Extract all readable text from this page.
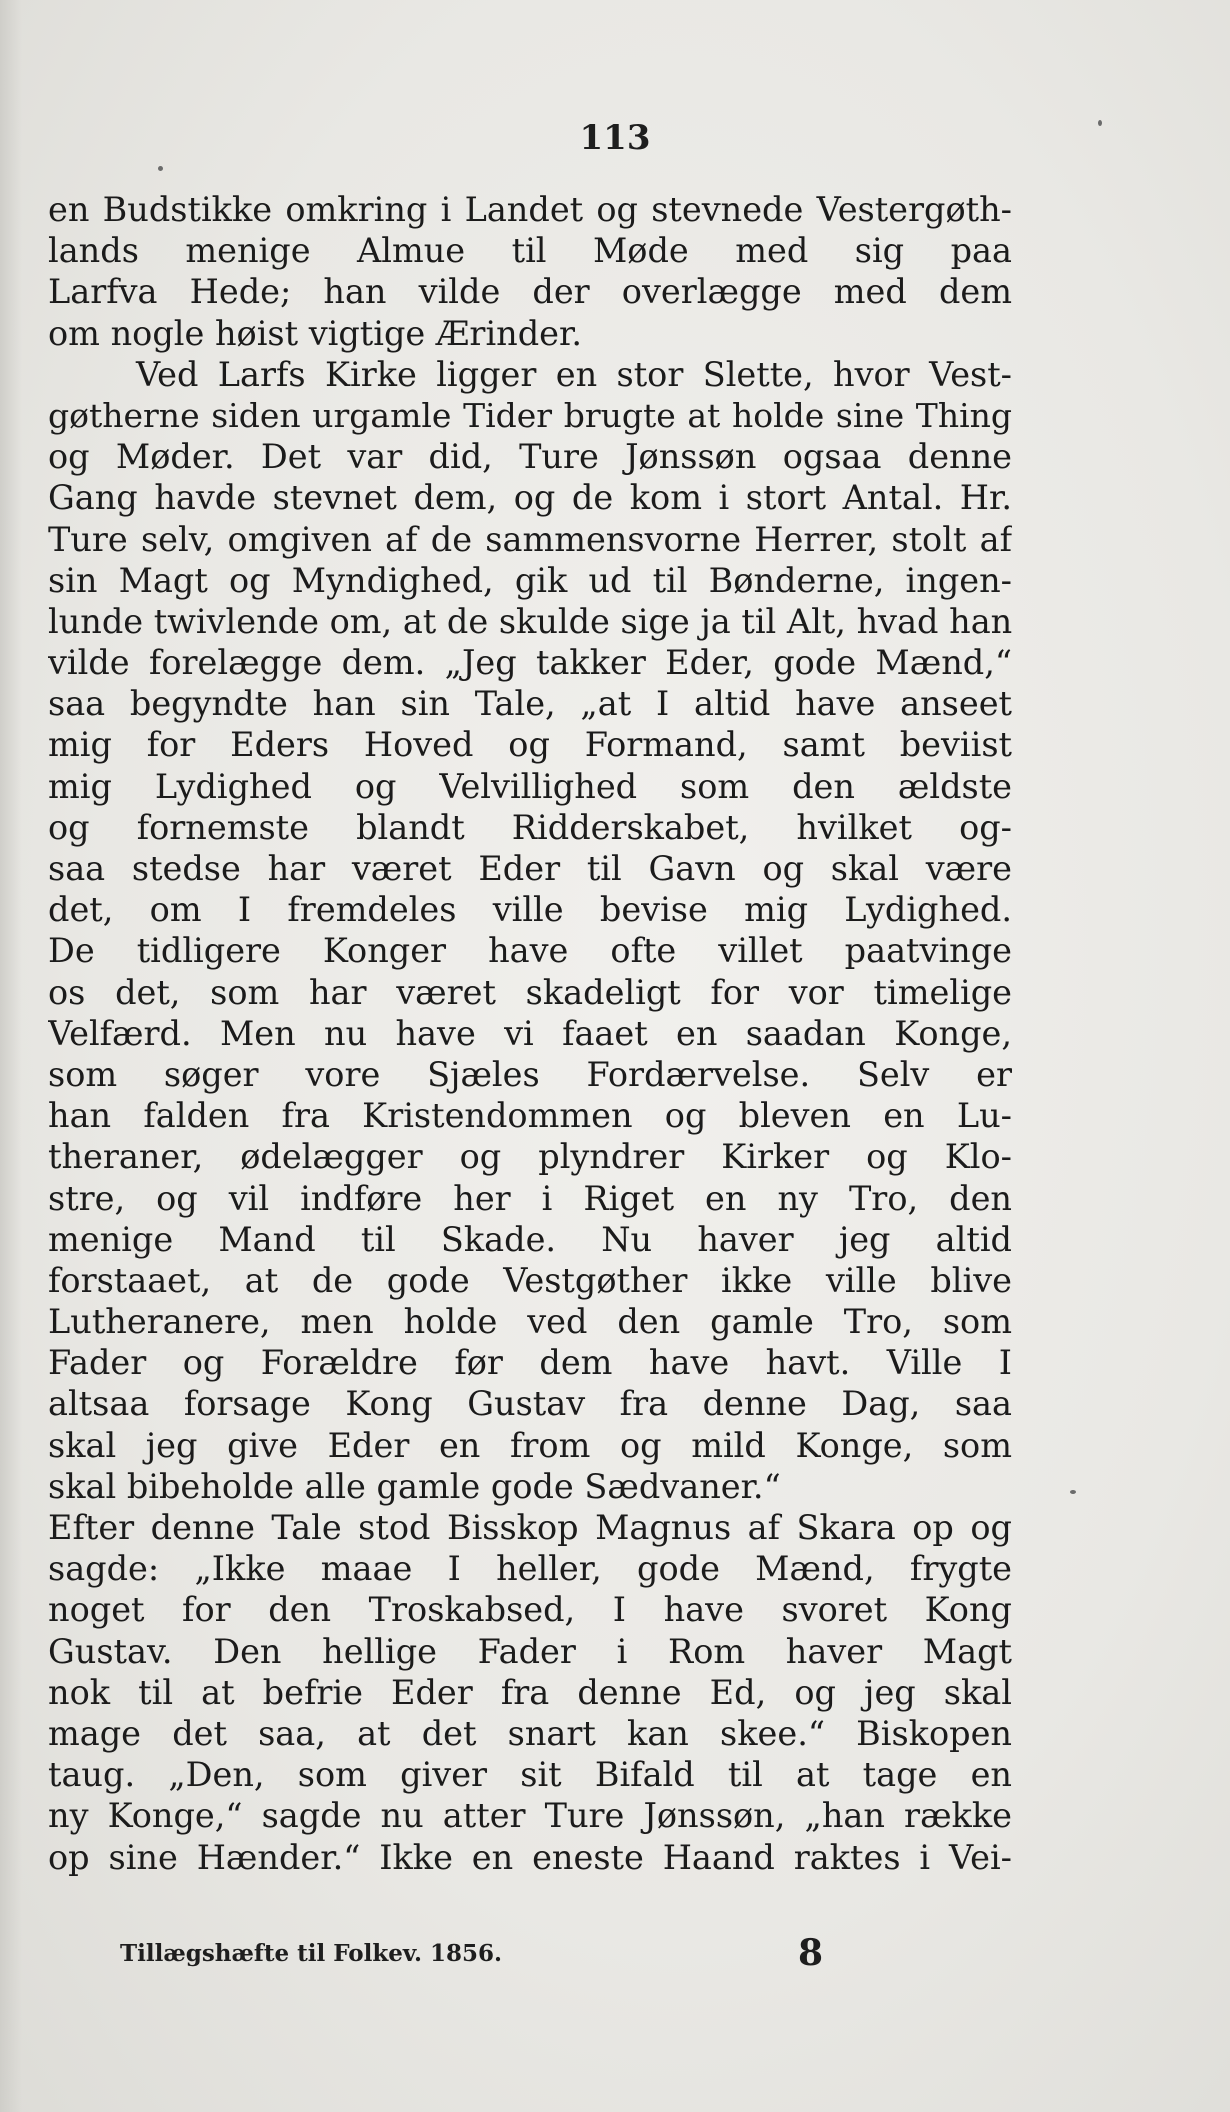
113
en Budstikke omkring i Landet og stevnede Vestergøth-
lands menige Almue til Møde med sig paa
Larfva Hede; han vilde der overlægge med dem
om nogle høist vigtige Ærinder.
Ved Larfs Kirke ligger en stor Slette, hvor Vest-
gøtherne siden urgamle Tider brugte at holde sine Thing
og Møder. Det var did, Ture Jønssøn ogsaa denne
Gang havde stevnet dem, og de kom i stort Antal. Hr.
Ture selv, omgiven af de sammensvorne Herrer, stolt af
sin Magt og Myndighed, gik ud til Bønderne, ingen-
lunde twivlende om, at de skulde sige ja til Alt, hvad han
vilde forelægge dem. „Jeg takker Eder, gode Mænd,“
saa begyndte han sin Tale, „at I altid have anseet
mig for Eders Hoved og Formand, samt beviist
mig Lydighed og Velvillighed som den ældste
og fornemste blandt Ridderskabet, hvilket og-
saa stedse har været Eder til Gavn og skal være
det, om I fremdeles ville bevise mig Lydighed.
De tidligere Konger have ofte villet paatvinge
os det, som har været skadeligt for vor timelige
Velfærd. Men nu have vi faaet en saadan Konge,
som søger vore Sjæles Fordærvelse. Selv er
han falden fra Kristendommen og bleven en Lu-
theraner, ødelægger og plyndrer Kirker og Klo-
stre, og vil indføre her i Riget en ny Tro, den
menige Mand til Skade. Nu haver jeg altid
forstaaet, at de gode Vestgøther ikke ville blive
Lutheranere, men holde ved den gamle Tro, som
Fader og Forældre før dem have havt. Ville I
altsaa forsage Kong Gustav fra denne Dag, saa
skal jeg give Eder en from og mild Konge, som
skal bibeholde alle gamle gode Sædvaner.“
Efter denne Tale stod Bisskop Magnus af Skara op og
sagde: „Ikke maae I heller, gode Mænd, frygte
noget for den Troskabsed, I have svoret Kong
Gustav. Den hellige Fader i Rom haver Magt
nok til at befrie Eder fra denne Ed, og jeg skal
mage det saa, at det snart kan skee.“ Biskopen
taug. „Den, som giver sit Bifald til at tage en
ny Konge,“ sagde nu atter Ture Jønssøn, „han række
op sine Hænder.“ Ikke en eneste Haand raktes i Vei-
Tillægshæfte til Folkev. 1856.	8
